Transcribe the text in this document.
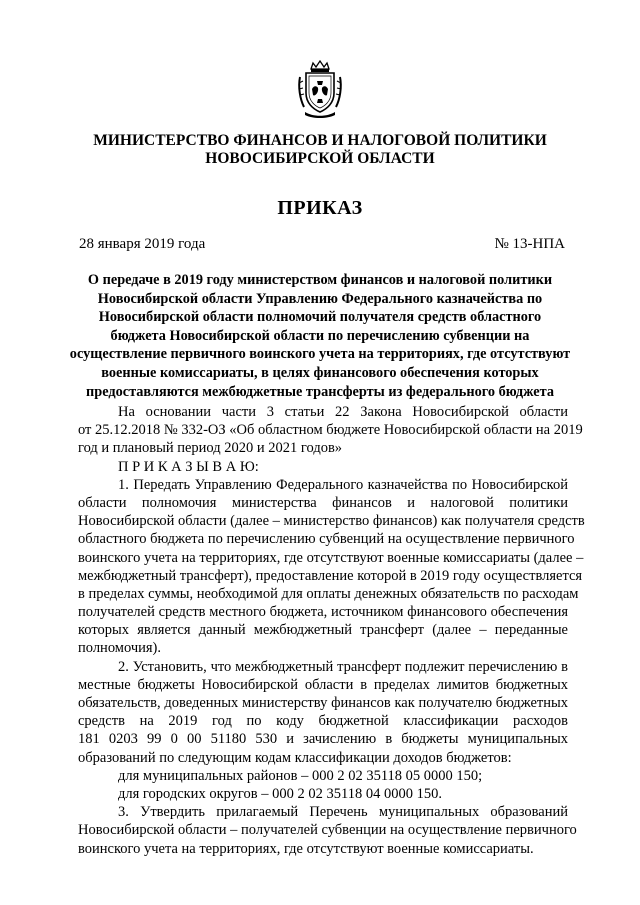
МИНИСТЕРСТВО ФИНАНСОВ И НАЛОГОВОЙ ПОЛИТИКИ
НОВОСИБИРСКОЙ ОБЛАСТИ
ПРИКАЗ
28 января 2019 года	№ 13-НПА
О передаче в 2019 году министерством финансов и налоговой политики
Новосибирской области Управлению Федерального казначейства по
Новосибирской области полномочий получателя средств областного
бюджета Новосибирской области по перечислению субвенции на
осуществление первичного воинского учета на территориях, где отсутствуют
военные комиссариаты, в целях финансового обеспечения которых
предоставляются межбюджетные трансферты из федерального бюджета
На основании части 3 статьи 22 Закона Новосибирской области
от 25.12.2018 № 332-ОЗ «Об областном бюджете Новосибирской области на 2019
год и плановый период 2020 и 2021 годов»
П Р И К А З Ы В А Ю:
1. Передать Управлению Федерального казначейства по Новосибирской
области полномочия министерства финансов и налоговой политики
Новосибирской области (далее – министерство финансов) как получателя средств
областного бюджета по перечислению субвенций на осуществление первичного
воинского учета на территориях, где отсутствуют военные комиссариаты (далее –
межбюджетный трансферт), предоставление которой в 2019 году осуществляется
в пределах суммы, необходимой для оплаты денежных обязательств по расходам
получателей средств местного бюджета, источником финансового обеспечения
которых является данный межбюджетный трансферт (далее – переданные
полномочия).
2. Установить, что межбюджетный трансферт подлежит перечислению в
местные бюджеты Новосибирской области в пределах лимитов бюджетных
обязательств, доведенных министерству финансов как получателю бюджетных
средств на 2019 год по коду бюджетной классификации расходов
181 0203 99 0 00 51180 530 и зачислению в бюджеты муниципальных
образований по следующим кодам классификации доходов бюджетов:
для муниципальных районов – 000 2 02 35118 05 0000 150;
для городских округов – 000 2 02 35118 04 0000 150.
3. Утвердить прилагаемый Перечень муниципальных образований
Новосибирской области – получателей субвенции на осуществление первичного
воинского учета на территориях, где отсутствуют военные комиссариаты.
